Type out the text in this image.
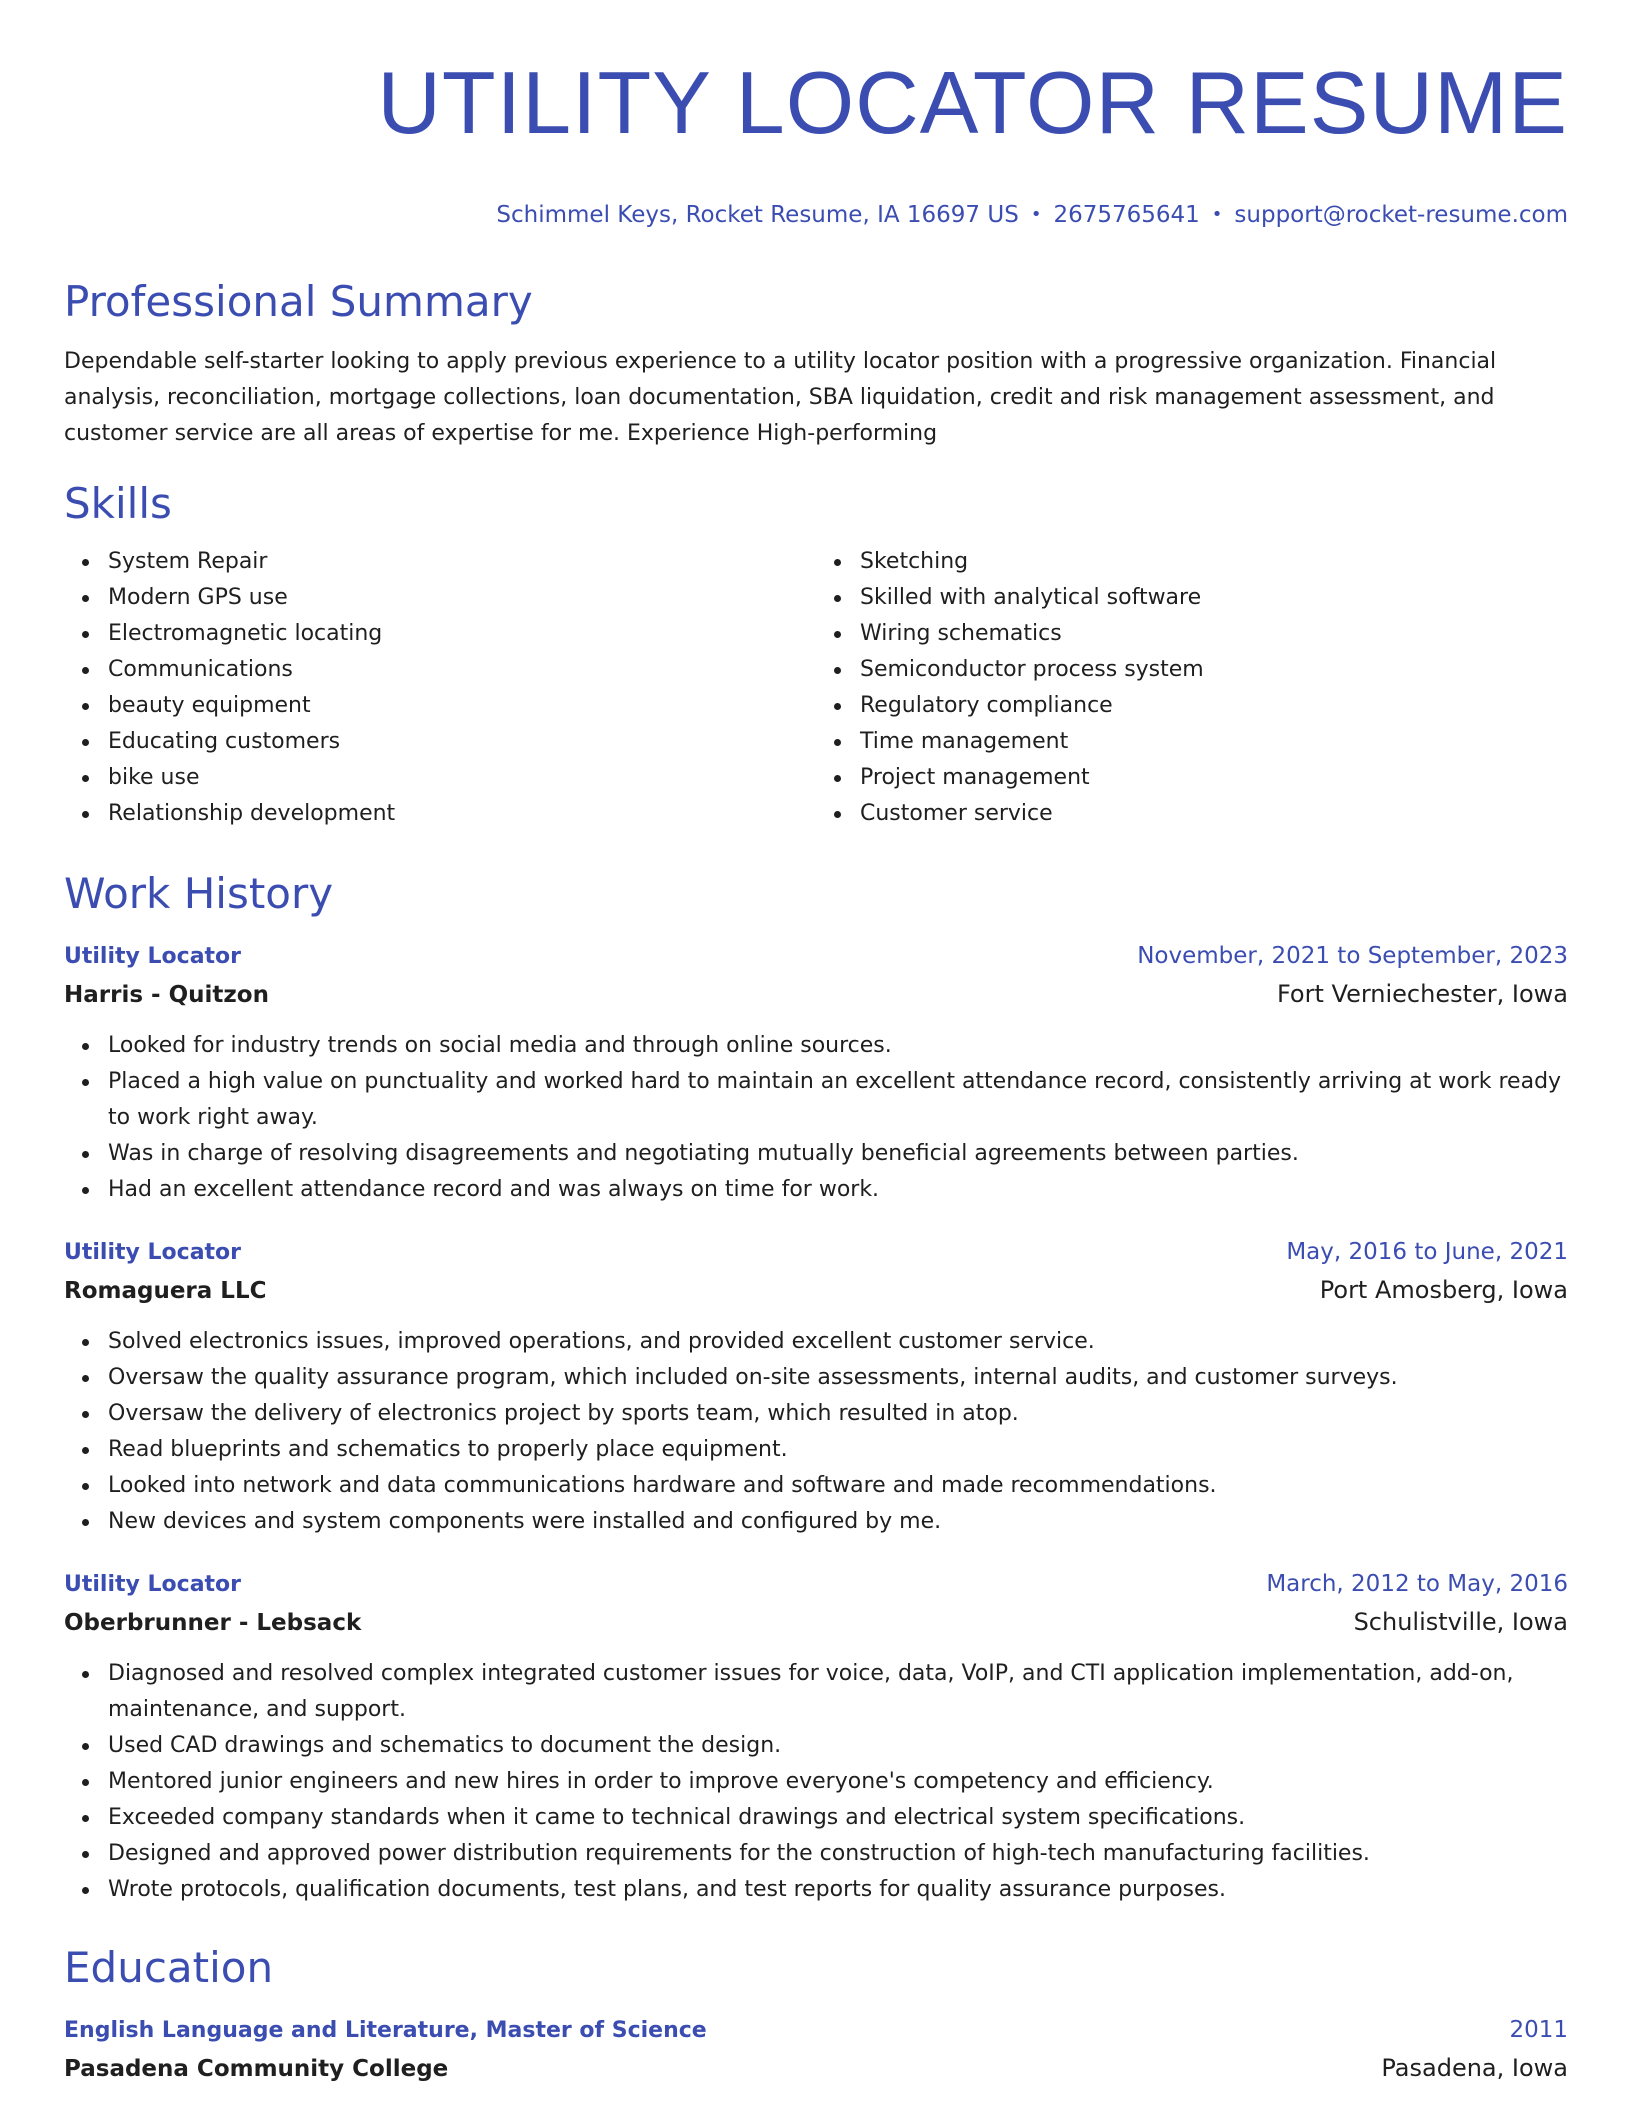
UTILITY LOCATOR RESUME
Schimmel Keys, Rocket Resume, IA 16697 US • 2675765641 • support@rocket-resume.com
Professional Summary
Dependable self-starter looking to apply previous experience to a utility locator position with a progressive organization. Financial analysis, reconciliation, mortgage collections, loan documentation, SBA liquidation, credit and risk management assessment, and customer service are all areas of expertise for me. Experience High-performing
Skills
System Repair
Modern GPS use
Electromagnetic locating
Communications
beauty equipment
Educating customers
bike use
Relationship development
Sketching
Skilled with analytical software
Wiring schematics
Semiconductor process system
Regulatory compliance
Time management
Project management
Customer service
Work History
Utility Locator	November, 2021 to September, 2023
Harris - Quitzon	Fort Verniechester, Iowa
Looked for industry trends on social media and through online sources.
Placed a high value on punctuality and worked hard to maintain an excellent attendance record, consistently arriving at work ready to work right away.
Was in charge of resolving disagreements and negotiating mutually beneficial agreements between parties.
Had an excellent attendance record and was always on time for work.
Utility Locator	May, 2016 to June, 2021
Romaguera LLC	Port Amosberg, Iowa
Solved electronics issues, improved operations, and provided excellent customer service.
Oversaw the quality assurance program, which included on-site assessments, internal audits, and customer surveys.
Oversaw the delivery of electronics project by sports team, which resulted in atop.
Read blueprints and schematics to properly place equipment.
Looked into network and data communications hardware and software and made recommendations.
New devices and system components were installed and configured by me.
Utility Locator	March, 2012 to May, 2016
Oberbrunner - Lebsack	Schulistville, Iowa
Diagnosed and resolved complex integrated customer issues for voice, data, VoIP, and CTI application implementation, add-on, maintenance, and support.
Used CAD drawings and schematics to document the design.
Mentored junior engineers and new hires in order to improve everyone's competency and efficiency.
Exceeded company standards when it came to technical drawings and electrical system specifications.
Designed and approved power distribution requirements for the construction of high-tech manufacturing facilities.
Wrote protocols, qualification documents, test plans, and test reports for quality assurance purposes.
Education
English Language and Literature, Master of Science	2011
Pasadena Community College	Pasadena, Iowa
